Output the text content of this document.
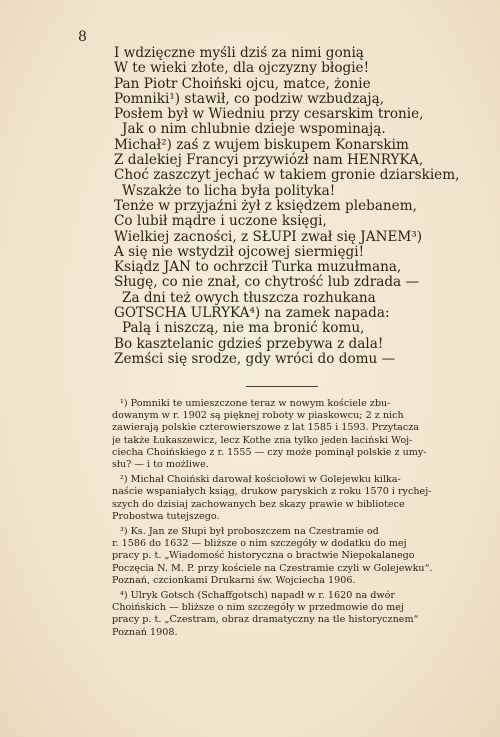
8
I wdzięczne myśli dziś za nimi gonią
W te wieki złote, dla ojczyzny błogie!
Pan Piotr Choiński ojcu, matce, żonie
Pomniki¹) stawił, co podziw wzbudzają,
Posłem był w Wiedniu przy cesarskim tronie,
Jak o nim chlubnie dzieje wspominają.
Michał²) zaś z wujem biskupem Konarskim
Z dalekiej Francyi przywiózł nam HENRYKA,
Choć zaszczyt jechać w takiem gronie dziarskiem,
Wszakże to licha była polityka!
Tenże w przyjaźni żył z księdzem plebanem,
Co lubił mądre i uczone księgi,
Wielkiej zacności, z SŁUPI zwał się JANEM³)
A się nie wstydził ojcowej siermięgi!
Ksiądz JAN to ochrzcił Turka muzułmana,
Sługę, co nie znał, co chytrość lub zdrada —
Za dni też owych tłuszcza rozhukana
GOTSCHA ULRYKA⁴) na zamek napada:
Palą i niszczą, nie ma bronić komu,
Bo kasztelanic gdzieś przebywa z dala!
Zemści się srodze, gdy wróci do domu —
¹) Pomniki te umieszczone teraz w nowym kościele zbu-
dowanym w r. 1902 są pięknej roboty w piaskowcu; 2 z nich
zawierają polskie czterowierszowe z lat 1585 i 1593. Przytacza
je także Łukaszewicz, lecz Kothe zna tylko jeden łaciński Woj-
ciecha Choińskiego z r. 1555 — czy może pominął polskie z umy-
słu? — i to możliwe.
²) Michał Choiński darował kościołowi w Golejewku kilka-
naście wspaniałych ksiąg, drukow paryskich z roku 1570 i rychej-
szych do dzisiaj zachowanych bez skazy prawie w bibliotece
Probostwa tutejszego.
³) Ks. Jan ze Słupi był proboszczem na Czestramie od
r. 1586 do 1632 — bliższe o nim szczegóły w dodatku do mej
pracy p. t. „Wiadomość historyczna o bractwie Niepokalanego
Poczęcia N. M. P. przy kościele na Czestramie czyli w Golejewku“.
Poznań, czcionkami Drukarni św. Wojciecha 1906.
⁴) Ulryk Gotsch (Schaffgotsch) napadł w r. 1620 na dwór
Choińskich — bliższe o nim szczegóły w przedmowie do mej
pracy p. t. „Czestram, obraz dramatyczny na tle historycznem“
Poznań 1908.
